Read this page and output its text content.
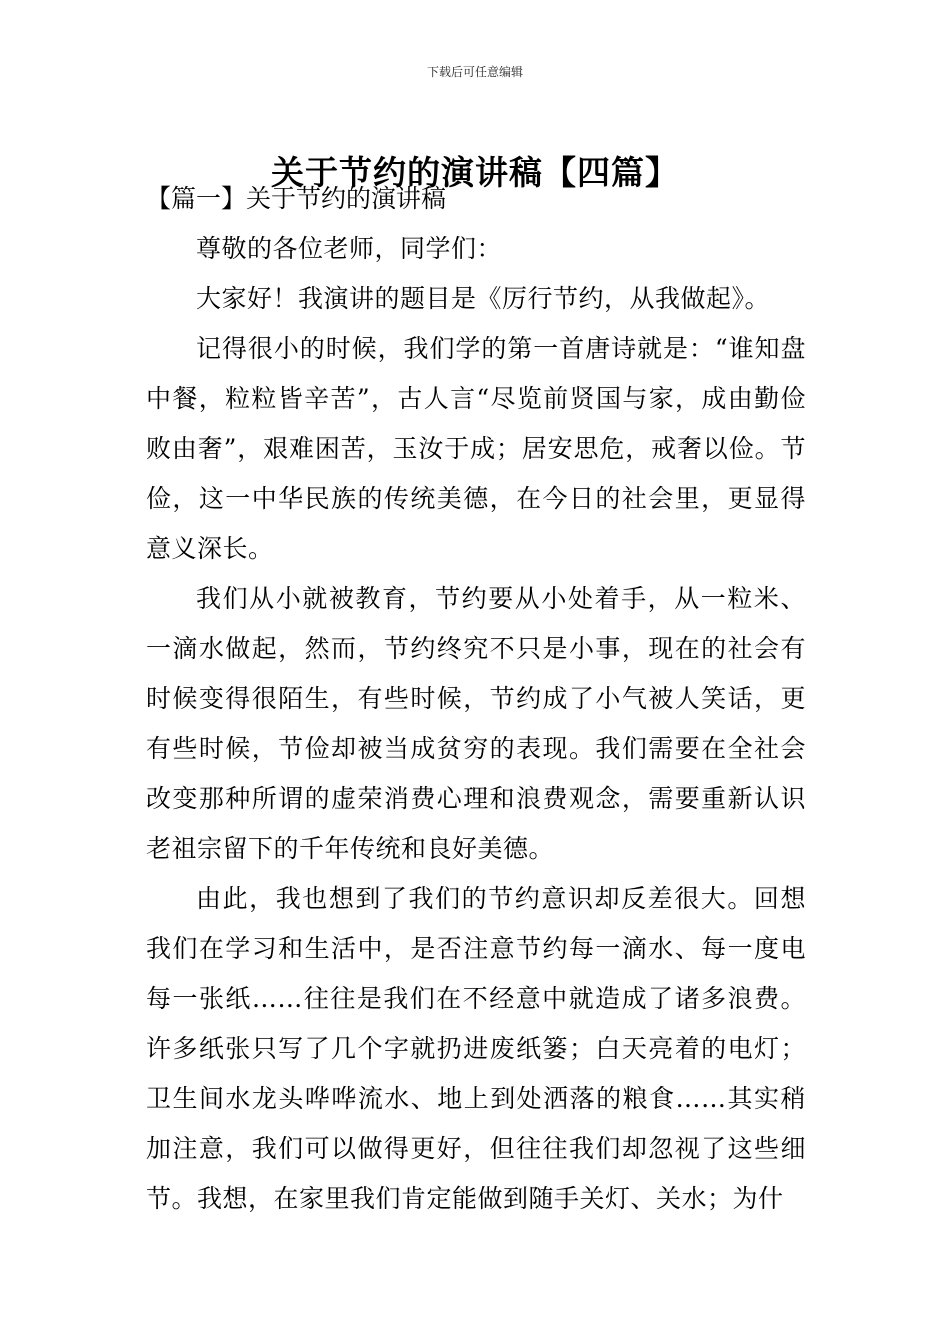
下载后可任意编辑
关于节约的演讲稿【四篇】
【篇一】关于节约的演讲稿

尊敬的各位老师，同学们：

大家好！我演讲的题目是《厉行节约，从我做起》。

记得很小的时候，我们学的第一首唐诗就是：“谁知盘中餐，粒粒皆辛苦”，古人言“尽览前贤国与家，成由勤俭败由奢”，艰难困苦，玉汝于成；居安思危，戒奢以俭。节俭，这一中华民族的传统美德，在今日的社会里，更显得意义深长。

我们从小就被教育，节约要从小处着手，从一粒米、一滴水做起，然而，节约终究不只是小事，现在的社会有时候变得很陌生，有些时候，节约成了小气被人笑话，更有些时候，节俭却被当成贫穷的表现。我们需要在全社会改变那种所谓的虚荣消费心理和浪费观念，需要重新认识老祖宗留下的千年传统和良好美德。

由此，我也想到了我们的节约意识却反差很大。回想我们在学习和生活中，是否注意节约每一滴水、每一度电每一张纸……往往是我们在不经意中就造成了诸多浪费。许多纸张只写了几个字就扔进废纸篓；白天亮着的电灯；卫生间水龙头哗哗流水、地上到处洒落的粮食……其实稍加注意，我们可以做得更好，但往往我们却忽视了这些细节。我想，在家里我们肯定能做到随手关灯、关水；为什
